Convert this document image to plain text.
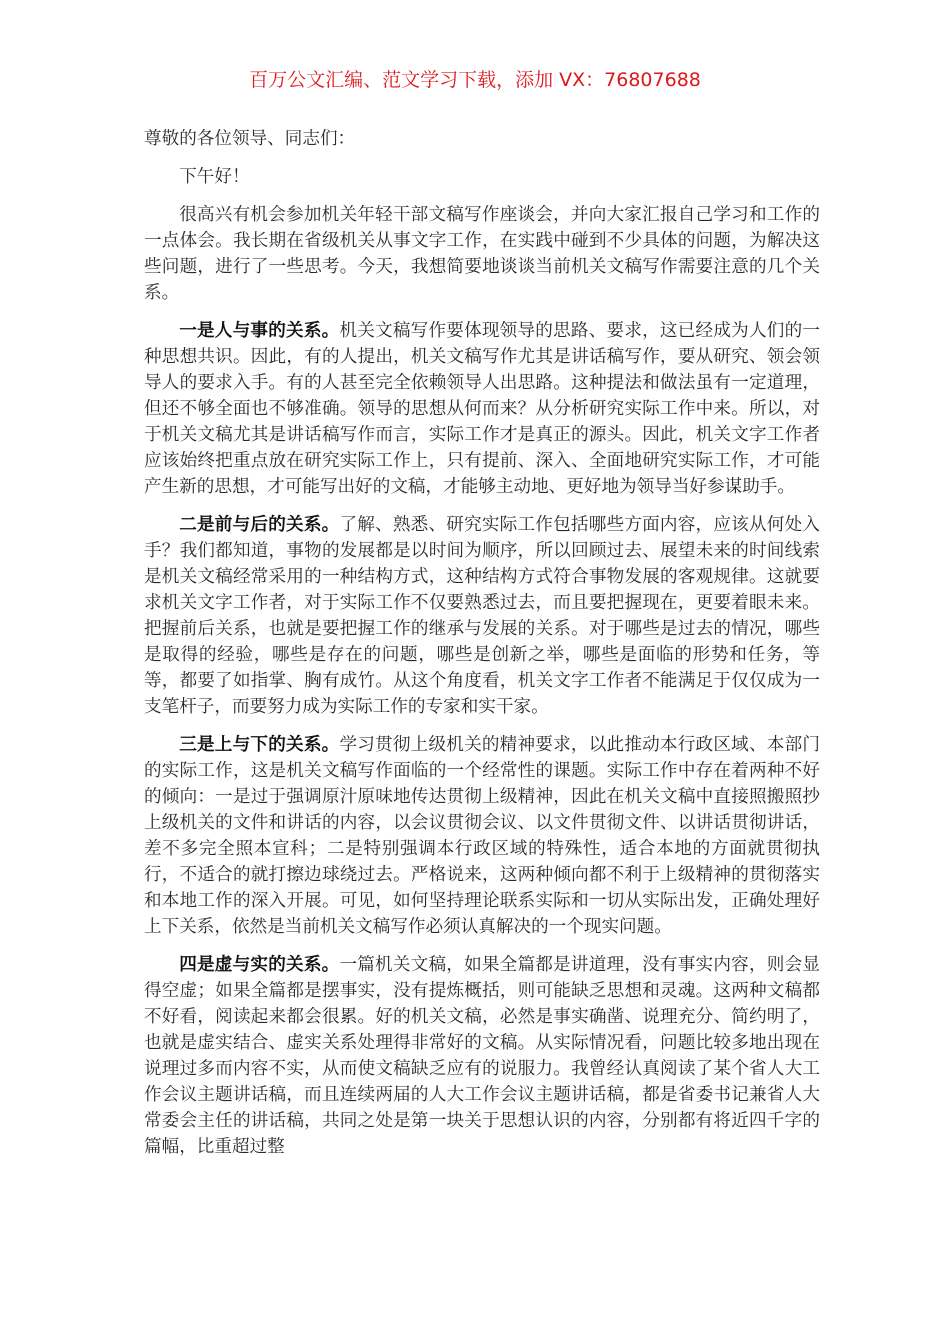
百万公文汇编、范文学习下载，添加 VX：76807688

尊敬的各位领导、同志们：

下午好！

很高兴有机会参加机关年轻干部文稿写作座谈会，并向大家汇报自己学习和工作的一点体会。我长期在省级机关从事文字工作，在实践中碰到不少具体的问题，为解决这些问题，进行了一些思考。今天，我想简要地谈谈当前机关文稿写作需要注意的几个关系。

一是人与事的关系。机关文稿写作要体现领导的思路、要求，这已经成为人们的一种思想共识。因此，有的人提出，机关文稿写作尤其是讲话稿写作，要从研究、领会领导人的要求入手。有的人甚至完全依赖领导人出思路。这种提法和做法虽有一定道理，但还不够全面也不够准确。领导的思想从何而来？从分析研究实际工作中来。所以，对于机关文稿尤其是讲话稿写作而言，实际工作才是真正的源头。因此，机关文字工作者应该始终把重点放在研究实际工作上，只有提前、深入、全面地研究实际工作，才可能产生新的思想，才可能写出好的文稿，才能够主动地、更好地为领导当好参谋助手。

二是前与后的关系。了解、熟悉、研究实际工作包括哪些方面内容，应该从何处入手？我们都知道，事物的发展都是以时间为顺序，所以回顾过去、展望未来的时间线索是机关文稿经常采用的一种结构方式，这种结构方式符合事物发展的客观规律。这就要求机关文字工作者，对于实际工作不仅要熟悉过去，而且要把握现在，更要着眼未来。把握前后关系，也就是要把握工作的继承与发展的关系。对于哪些是过去的情况，哪些是取得的经验，哪些是存在的问题，哪些是创新之举，哪些是面临的形势和任务，等等，都要了如指掌、胸有成竹。从这个角度看，机关文字工作者不能满足于仅仅成为一支笔杆子，而要努力成为实际工作的专家和实干家。

三是上与下的关系。学习贯彻上级机关的精神要求，以此推动本行政区域、本部门的实际工作，这是机关文稿写作面临的一个经常性的课题。实际工作中存在着两种不好的倾向：一是过于强调原汁原味地传达贯彻上级精神，因此在机关文稿中直接照搬照抄上级机关的文件和讲话的内容，以会议贯彻会议、以文件贯彻文件、以讲话贯彻讲话，差不多完全照本宣科；二是特别强调本行政区域的特殊性，适合本地的方面就贯彻执行，不适合的就打擦边球绕过去。严格说来，这两种倾向都不利于上级精神的贯彻落实和本地工作的深入开展。可见，如何坚持理论联系实际和一切从实际出发，正确处理好上下关系，依然是当前机关文稿写作必须认真解决的一个现实问题。

四是虚与实的关系。一篇机关文稿，如果全篇都是讲道理，没有事实内容，则会显得空虚；如果全篇都是摆事实，没有提炼概括，则可能缺乏思想和灵魂。这两种文稿都不好看，阅读起来都会很累。好的机关文稿，必然是事实确凿、说理充分、简约明了，也就是虚实结合、虚实关系处理得非常好的文稿。从实际情况看，问题比较多地出现在说理过多而内容不实，从而使文稿缺乏应有的说服力。我曾经认真阅读了某个省人大工作会议主题讲话稿，而且连续两届的人大工作会议主题讲话稿，都是省委书记兼省人大常委会主任的讲话稿，共同之处是第一块关于思想认识的内容，分别都有将近四千字的篇幅，比重超过整
